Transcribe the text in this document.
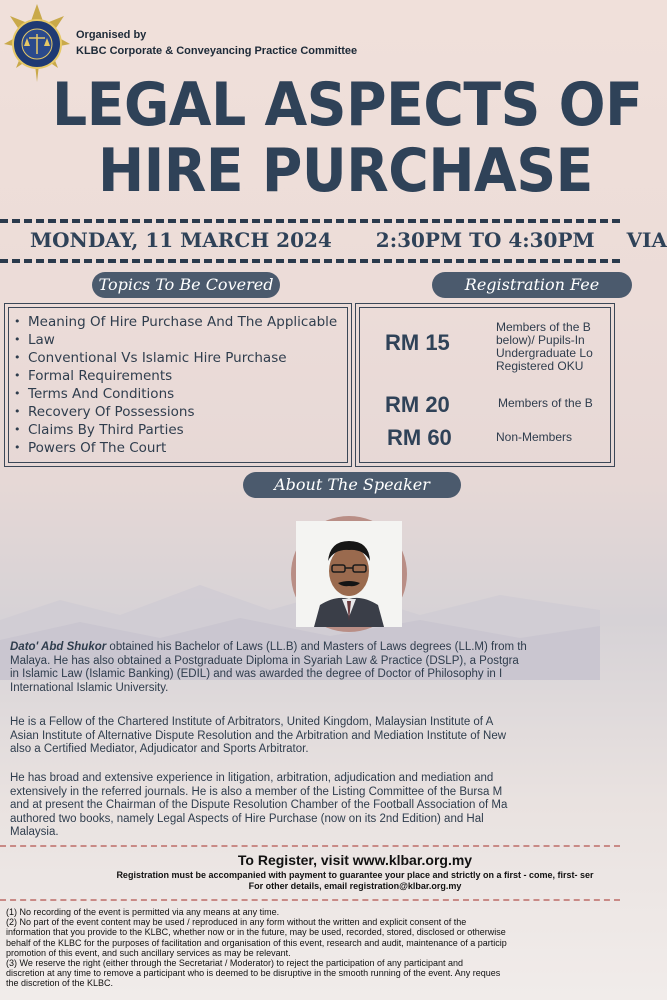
Organised by
KLBC Corporate & Conveyancing Practice Committee
LEGAL ASPECTS OF
HIRE PURCHASE
MONDAY, 11 MARCH 2024 2:30PM TO 4:30PM VIA
Topics To Be Covered
• Meaning Of Hire Purchase And The Applicable
• Law
• Conventional Vs Islamic Hire Purchase
• Formal Requirements
• Terms And Conditions
• Recovery Of Possessions
• Claims By Third Parties
• Powers Of The Court
Registration Fee
RM 15
Members of the B
below)/ Pupils-In
Undergraduate Lo
Registered OKU
RM 20	Members of the B
RM 60	Non-Members
About The Speaker
Dato' Abd Shukor obtained his Bachelor of Laws (LL.B) and Masters of Laws degrees (LL.M) from th
Malaya. He has also obtained a Postgraduate Diploma in Syariah Law & Practice (DSLP), a Postgra
in Islamic Law (Islamic Banking) (EDIL) and was awarded the degree of Doctor of Philosophy in I
International Islamic University.
He is a Fellow of the Chartered Institute of Arbitrators, United Kingdom, Malaysian Institute of A
Asian Institute of Alternative Dispute Resolution and the Arbitration and Mediation Institute of New
also a Certified Mediator, Adjudicator and Sports Arbitrator.
He has broad and extensive experience in litigation, arbitration, adjudication and mediation and
extensively in the referred journals. He is also a member of the Listing Committee of the Bursa M
and at present the Chairman of the Dispute Resolution Chamber of the Football Association of Ma
authored two books, namely Legal Aspects of Hire Purchase (now on its 2nd Edition) and Hal
Malaysia.
To Register, visit www.klbar.org.my
Registration must be accompanied with payment to guarantee your place and strictly on a first - come, first- ser
For other details, email registration@klbar.org.my
(1) No recording of the event is permitted via any means at any time.
(2) No part of the event content may be used / reproduced in any form without the written and explicit consent of the
information that you provide to the KLBC, whether now or in the future, may be used, recorded, stored, disclosed or otherwise
behalf of the KLBC for the purposes of facilitation and organisation of this event, research and audit, maintenance of a particip
promotion of this event, and such ancillary services as may be relevant.
(3) We reserve the right (either through the Secretariat / Moderator) to reject the participation of any participant and
discretion at any time to remove a participant who is deemed to be disruptive in the smooth running of the event. Any reques
the discretion of the KLBC.
